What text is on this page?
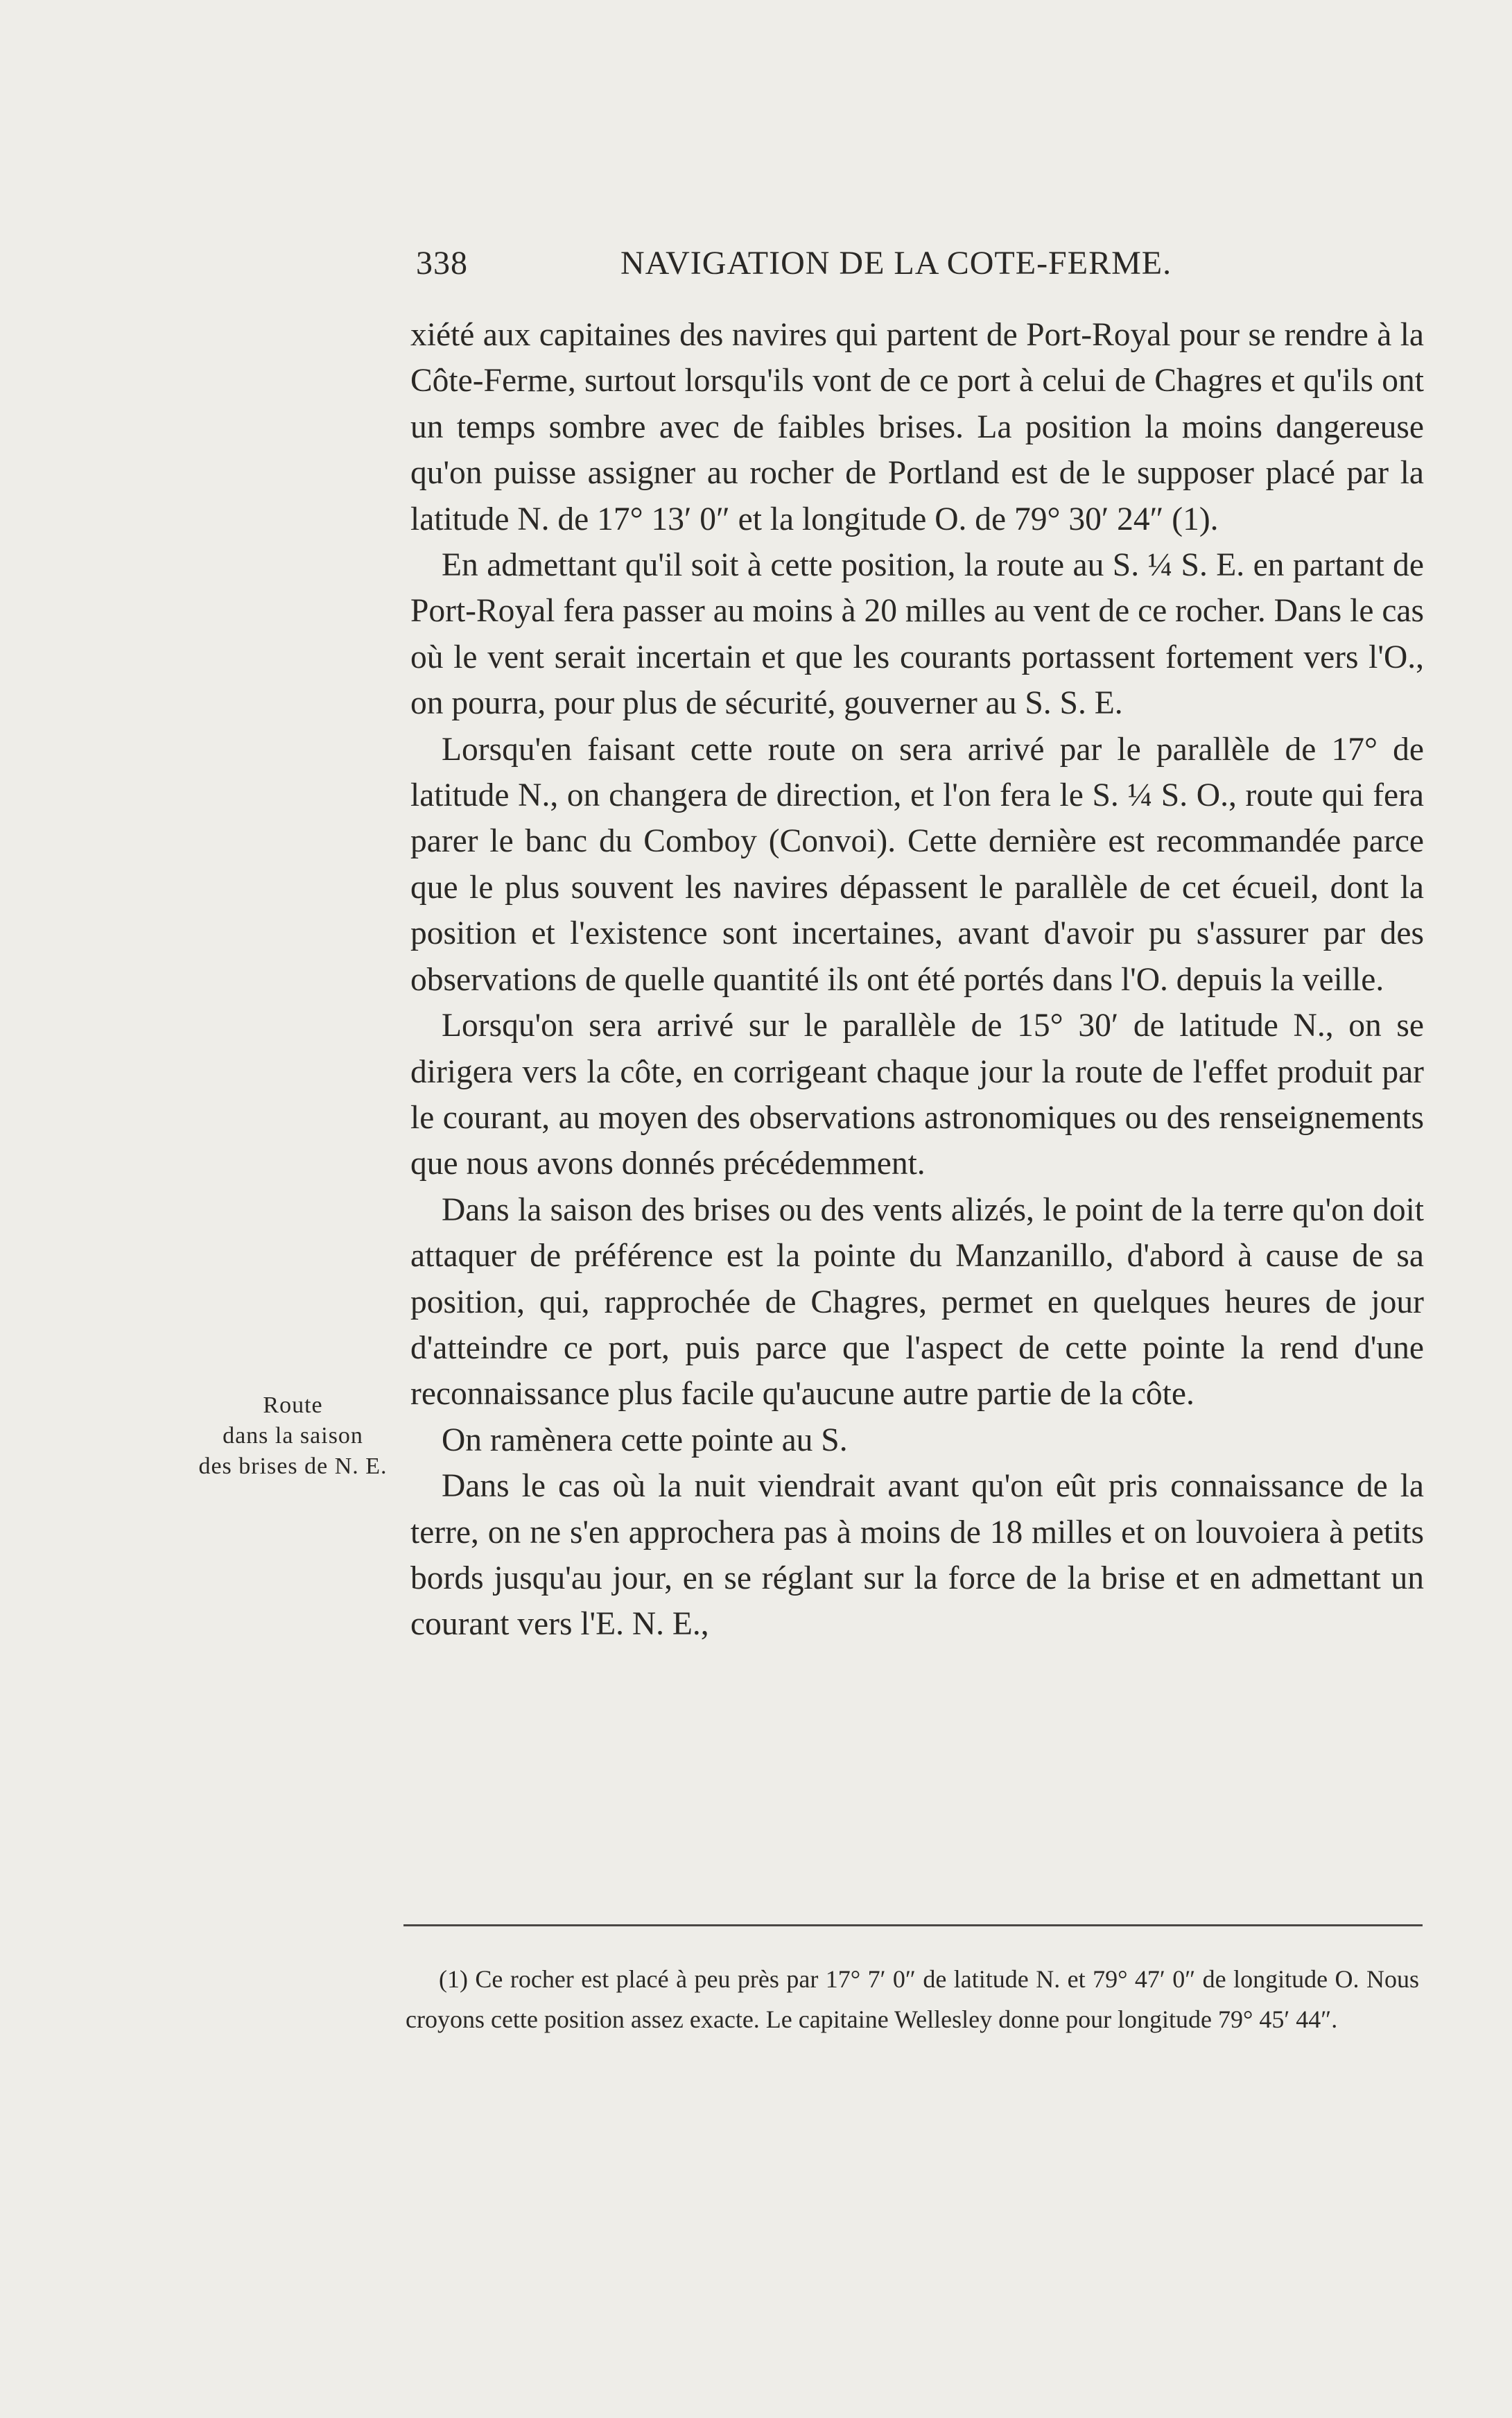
338	NAVIGATION DE LA COTE-FERME.

xiété aux capitaines des navires qui partent de Port-Royal pour se rendre à la Côte-Ferme, surtout lorsqu'ils vont de ce port à celui de Chagres et qu'ils ont un temps sombre avec de faibles brises. La position la moins dangereuse qu'on puisse assigner au rocher de Portland est de le supposer placé par la latitude N. de 17° 13′ 0″ et la longitude O. de 79° 30′ 24″ (1).

En admettant qu'il soit à cette position, la route au S. ¼ S. E. en partant de Port-Royal fera passer au moins à 20 milles au vent de ce rocher. Dans le cas où le vent serait incertain et que les courants portassent fortement vers l'O., on pourra, pour plus de sécurité, gouverner au S. S. E.

Lorsqu'en faisant cette route on sera arrivé par le parallèle de 17° de latitude N., on changera de direction, et l'on fera le S. ¼ S. O., route qui fera parer le banc du Comboy (Convoi). Cette dernière est recommandée parce que le plus souvent les navires dépassent le parallèle de cet écueil, dont la position et l'existence sont incertaines, avant d'avoir pu s'assurer par des observations de quelle quantité ils ont été portés dans l'O. depuis la veille.

Lorsqu'on sera arrivé sur le parallèle de 15° 30′ de latitude N., on se dirigera vers la côte, en corrigeant chaque jour la route de l'effet produit par le courant, au moyen des observations astronomiques ou des renseignements que nous avons donnés précédemment.

Dans la saison des brises ou des vents alizés, le point de la terre qu'on doit attaquer de préférence est la pointe du Manzanillo, d'abord à cause de sa position, qui, rapprochée de Chagres, permet en quelques heures de jour d'atteindre ce port, puis parce que l'aspect de cette pointe la rend d'une reconnaissance plus facile qu'aucune autre partie de la côte.

On ramènera cette pointe au S.

Dans le cas où la nuit viendrait avant qu'on eût pris connaissance de la terre, on ne s'en approchera pas à moins de 18 milles et on louvoiera à petits bords jusqu'au jour, en se réglant sur la force de la brise et en admettant un courant vers l'E. N. E.,

Route
dans la saison
des brises de N. E.

(1) Ce rocher est placé à peu près par 17° 7′ 0″ de latitude N. et 79° 47′ 0″ de longitude O. Nous croyons cette position assez exacte. Le capitaine Wellesley donne pour longitude 79° 45′ 44″.
